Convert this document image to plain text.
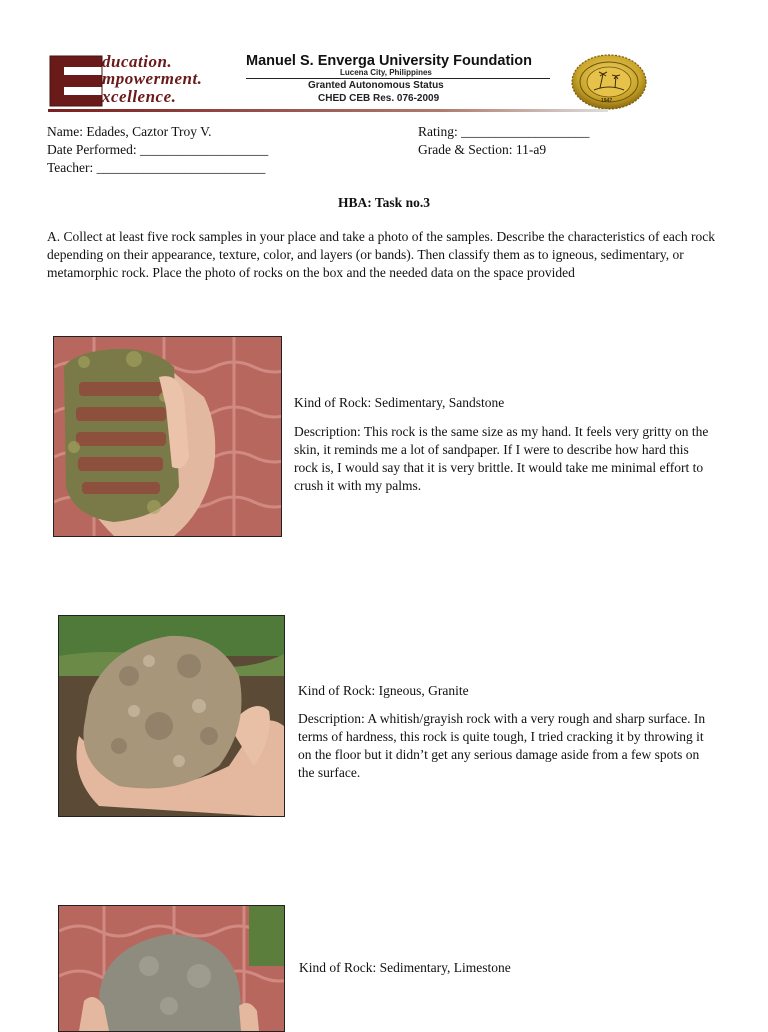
ducation.
mpowerment.
xcellence.
Manuel S. Enverga University Foundation
Lucena City, Philippines
Granted Autonomous Status
CHED CEB Res. 076-2009	1947
Name: Edades, Caztor Troy V.
Date Performed: ___________________
Teacher: _________________________
Rating: ___________________
Grade & Section: 11-a9
HBA: Task no.3
A. Collect at least five rock samples in your place and take a photo of the samples. Describe the characteristics of each rock depending on their appearance, texture, color, and layers (or bands). Then classify them as to igneous, sedimentary, or metamorphic rock. Place the photo of rocks on the box and the needed data on the space provided
Kind of Rock: Sedimentary, Sandstone
Description: This rock is the same size as my hand. It feels very gritty on the skin, it reminds me a lot of sandpaper. If I were to describe how hard this rock is, I would say that it is very brittle. It would take me minimal effort to crush it with my palms.
Kind of Rock: Igneous, Granite
Description: A whitish/grayish rock with a very rough and sharp surface. In terms of hardness, this rock is quite tough, I tried cracking it by throwing it on the floor but it didn’t get any serious damage aside from a few spots on the surface.
Kind of Rock: Sedimentary, Limestone
